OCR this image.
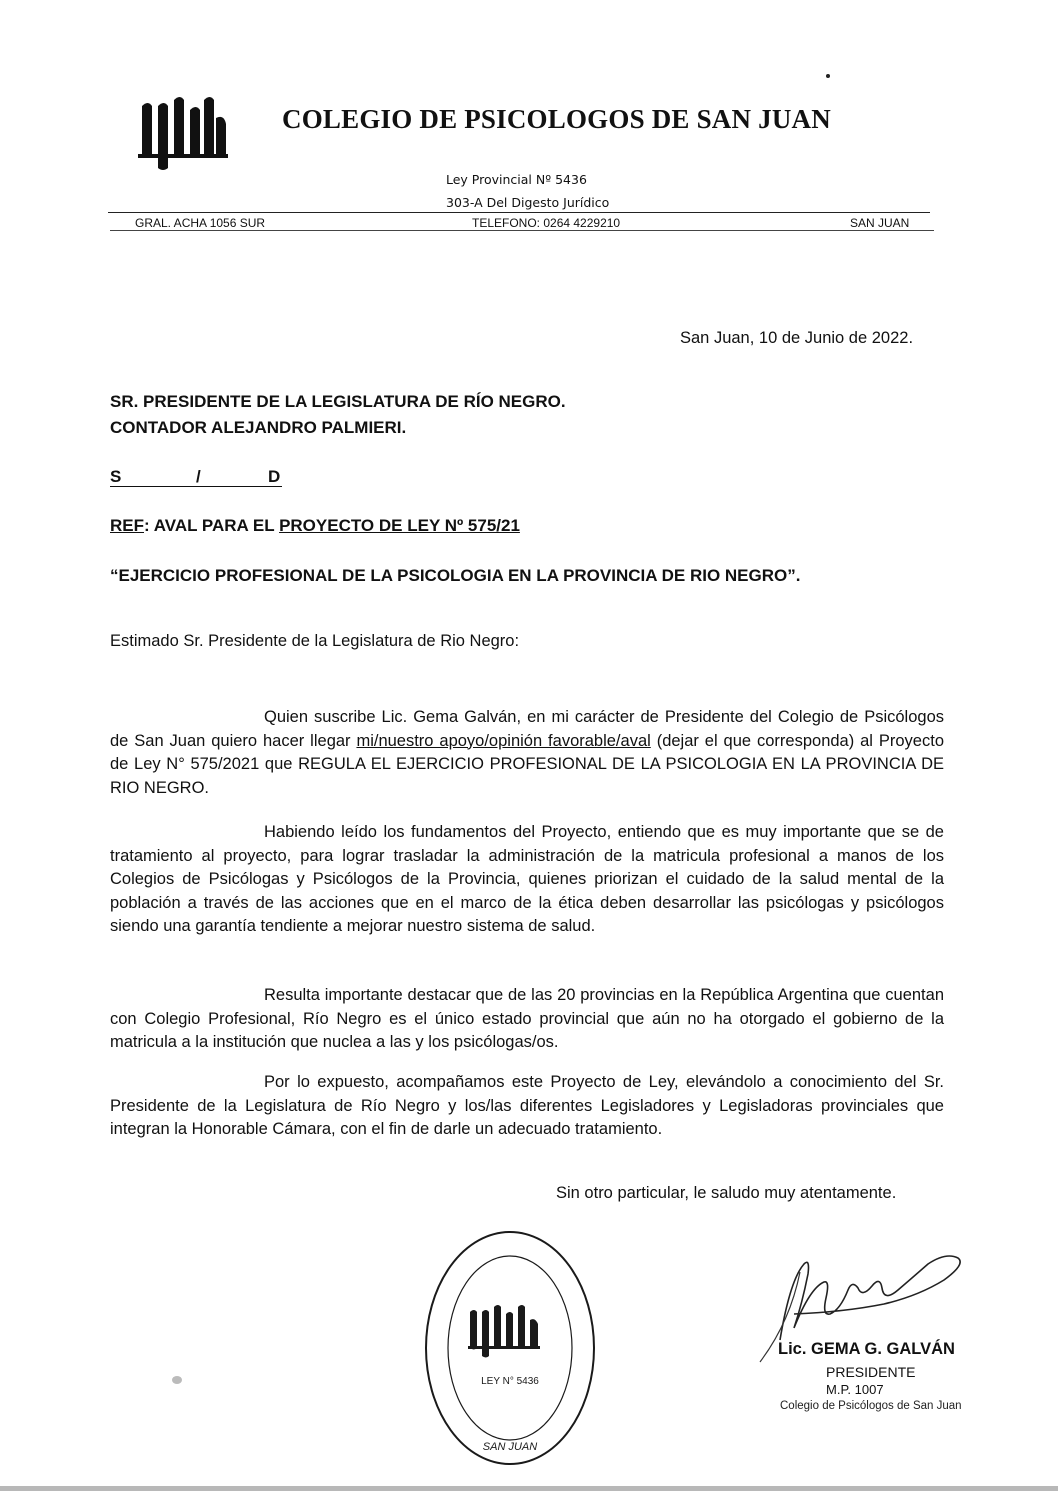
COLEGIO DE PSICOLOGOS DE SAN JUAN
Ley Provincial Nº 5436
303-A Del Digesto Jurídico
GRAL. ACHA 1056 SUR	TELEFONO: 0264 4229210	SAN JUAN
San Juan, 10 de Junio de 2022.
SR. PRESIDENTE DE LA LEGISLATURA DE RÍO NEGRO.
CONTADOR ALEJANDRO PALMIERI.
S	/	D
REF: AVAL PARA EL PROYECTO DE LEY Nº 575/21
“EJERCICIO PROFESIONAL DE LA PSICOLOGIA EN LA PROVINCIA DE RIO NEGRO”.
Estimado Sr. Presidente de la Legislatura de Rio Negro:
Quien suscribe Lic. Gema Galván, en mi carácter de Presidente del Colegio de Psicólogos de San Juan quiero hacer llegar mi/nuestro apoyo/opinión favorable/aval (dejar el que corresponda) al Proyecto de Ley N° 575/2021 que REGULA EL EJERCICIO PROFESIONAL DE LA PSICOLOGIA EN LA PROVINCIA DE RIO NEGRO.
Habiendo leído los fundamentos del Proyecto, entiendo que es muy importante que se de tratamiento al proyecto, para lograr trasladar la administración de la matricula profesional a manos de los Colegios de Psicólogas y Psicólogos de la Provincia, quienes priorizan el cuidado de la salud mental de la población a través de las acciones que en el marco de la ética deben desarrollar las psicólogas y psicólogos siendo una garantía tendiente a mejorar nuestro sistema de salud.
Resulta importante destacar que de las 20 provincias en la República Argentina que cuentan con Colegio Profesional, Río Negro es el único estado provincial que aún no ha otorgado el gobierno de la matricula a la institución que nuclea a las y los psicólogas/os.
Por lo expuesto, acompañamos este Proyecto de Ley, elevándolo a conocimiento del Sr. Presidente de la Legislatura de Río Negro y los/las diferentes Legisladores y Legisladoras provinciales que integran la Honorable Cámara, con el fin de darle un adecuado tratamiento.
Sin otro particular, le saludo muy atentamente.
LEY N° 5436
SAN JUAN
Lic. GEMA G. GALVÁN
PRESIDENTE
M.P. 1007
Colegio de Psicólogos de San Juan
